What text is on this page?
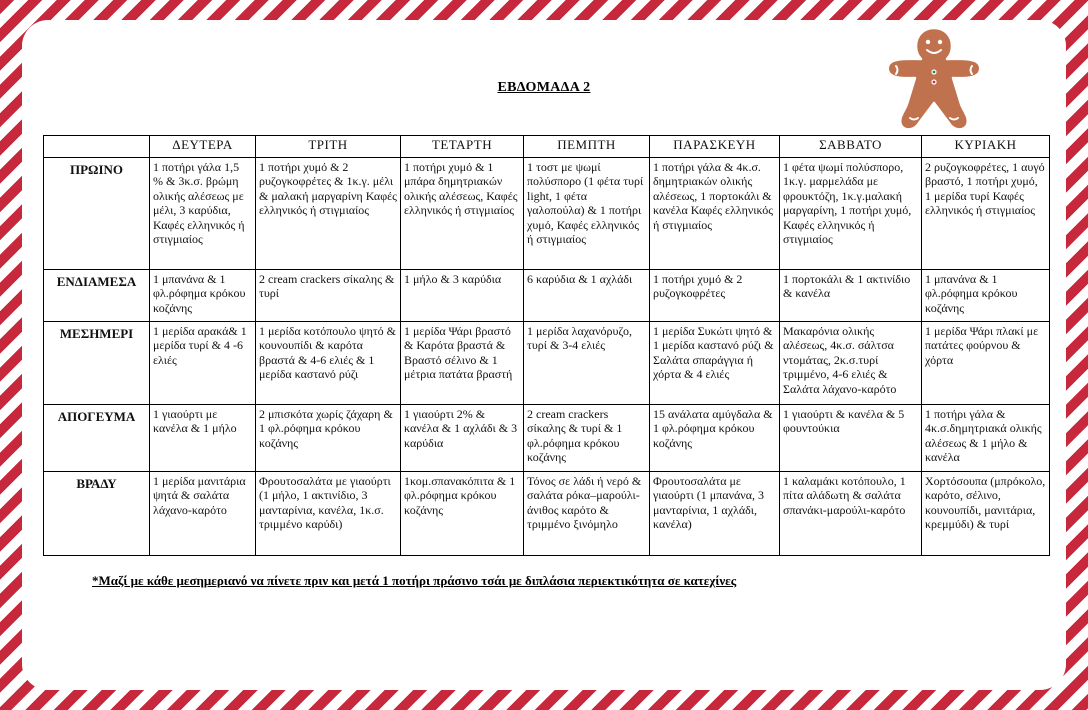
ΕΒΔΟΜΑΔΑ 2
	ΔΕΥΤΕΡΑ	ΤΡΙΤΗ	ΤΕΤΑΡΤΗ	ΠΕΜΠΤΗ	ΠΑΡΑΣΚΕΥΗ	ΣΑΒΒΑΤΟ	ΚΥΡΙΑΚΗ
ΠΡΩΙΝΟ	1 ποτήρι γάλα 1,5 % & 3κ.σ. βρώμη ολικής αλέσεως με μέλι, 3 καρύδια, Καφές ελληνικός ή στιγμιαίος	1 ποτήρι χυμό & 2 ρυζογκοφρέτες & 1κ.γ. μέλι & μαλακή μαργαρίνη Καφές ελληνικός ή στιγμιαίος	1 ποτήρι χυμό & 1 μπάρα δημητριακών ολικής αλέσεως, Καφές ελληνικός ή στιγμιαίος	1 τοστ με ψωμί πολύσπορο (1 φέτα τυρί light, 1 φέτα γαλοπούλα) & 1 ποτήρι χυμό, Καφές ελληνικός ή στιγμιαίος	1 ποτήρι γάλα & 4κ.σ. δημητριακών ολικής αλέσεως, 1 πορτοκάλι & κανέλα Καφές ελληνικός ή στιγμιαίος	1 φέτα ψωμί πολύσπορο, 1κ.γ. μαρμελάδα με φρουκτόζη, 1κ.γ.μαλακή μαργαρίνη, 1 ποτήρι χυμό, Καφές ελληνικός ή στιγμιαίος	2 ρυζογκοφρέτες, 1 αυγό βραστό, 1 ποτήρι χυμό, 1 μερίδα τυρί Καφές ελληνικός ή στιγμιαίος
ΕΝΔΙΑΜΕΣΑ	1 μπανάνα & 1 φλ.ρόφημα κρόκου κοζάνης	2 cream crackers σίκαλης & τυρί	1 μήλο & 3 καρύδια	6 καρύδια & 1 αχλάδι	1 ποτήρι χυμό & 2 ρυζογκοφρέτες	1 πορτοκάλι & 1 ακτινίδιο & κανέλα	1 μπανάνα & 1 φλ.ρόφημα κρόκου κοζάνης
ΜΕΣΗΜΕΡΙ	1 μερίδα αρακά& 1 μερίδα τυρί & 4 -6 ελιές	1 μερίδα κοτόπουλο ψητό & κουνουπίδι & καρότα βραστά & 4-6 ελιές & 1 μερίδα καστανό ρύζι	1 μερίδα Ψάρι βραστό & Καρότα βραστά & Βραστό σέλινο & 1 μέτρια πατάτα βραστή	1 μερίδα λαχανόρυζο, τυρί & 3-4 ελιές	1 μερίδα Συκώτι ψητό & 1 μερίδα καστανό ρύζι & Σαλάτα σπαράγγια ή χόρτα & 4 ελιές	Μακαρόνια ολικής αλέσεως, 4κ.σ. σάλτσα ντομάτας, 2κ.σ.τυρί τριμμένο, 4-6 ελιές & Σαλάτα λάχανο-καρότο	1 μερίδα Ψάρι πλακί με πατάτες φούρνου & χόρτα
ΑΠΟΓΕΥΜΑ	1 γιαούρτι με κανέλα & 1 μήλο	2 μπισκότα χωρίς ζάχαρη & 1 φλ.ρόφημα κρόκου κοζάνης	1 γιαούρτι 2% & κανέλα & 1 αχλάδι & 3 καρύδια	2 cream crackers σίκαλης & τυρί & 1 φλ.ρόφημα κρόκου κοζάνης	15 ανάλατα αμύγδαλα & 1 φλ.ρόφημα κρόκου κοζάνης	1 γιαούρτι & κανέλα & 5 φουντούκια	1 ποτήρι γάλα & 4κ.σ.δημητριακά ολικής αλέσεως & 1 μήλο & κανέλα
ΒΡΑΔΥ	1 μερίδα μανιτάρια ψητά & σαλάτα λάχανο-καρότο	Φρουτοσαλάτα με γιαούρτι (1 μήλο, 1 ακτινίδιο, 3 μανταρίνια, κανέλα, 1κ.σ. τριμμένο καρύδι)	1κομ.σπανακόπιτα & 1 φλ.ρόφημα κρόκου κοζάνης	Τόνος σε λάδι ή νερό & σαλάτα ρόκα–μαρούλι- άνιθος καρότο & τριμμένο ξινόμηλο	Φρουτοσαλάτα με γιαούρτι (1 μπανάνα, 3 μανταρίνια, 1 αχλάδι, κανέλα)	1 καλαμάκι κοτόπουλο, 1 πίτα αλάδωτη & σαλάτα σπανάκι-μαρούλι-καρότο	Χορτόσουπα (μπρόκολο, καρότο, σέλινο, κουνουπίδι, μανιτάρια, κρεμμύδι) & τυρί
*Μαζί με κάθε μεσημεριανό να πίνετε πριν και μετά 1 ποτήρι πράσινο τσάι με διπλάσια περιεκτικότητα σε κατεχίνες
